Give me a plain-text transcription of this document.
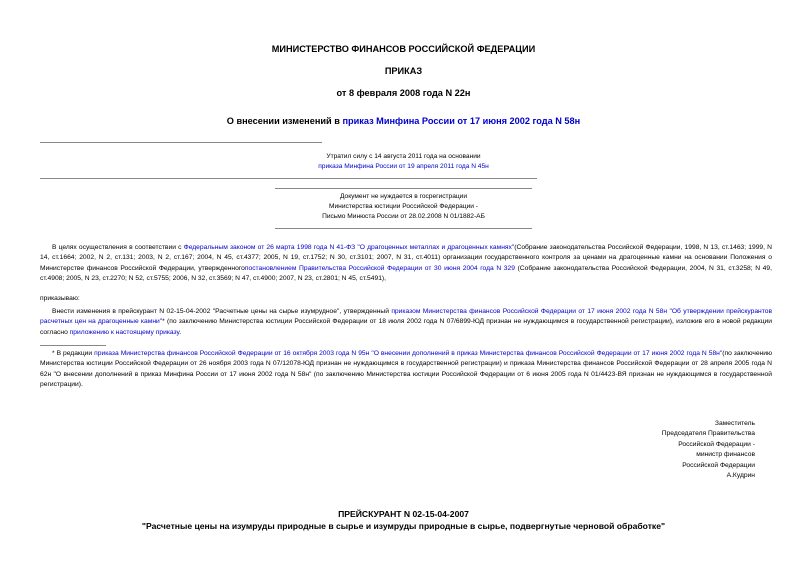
МИНИСТЕРСТВО ФИНАНСОВ РОССИЙСКОЙ ФЕДЕРАЦИИ
ПРИКАЗ
от 8 февраля 2008 года N 22н
О внесении изменений в приказ Минфина России от 17 июня 2002 года N 58н
Утратил силу с 14 августа 2011 года на основании
приказа Минфина России от 19 апреля 2011 года N 45н
Документ не нуждается в госрегистрации
Министерства юстиции Российской Федерации -
Письмо Минюста России от 28.02.2008 N 01/1882-АБ
В целях осуществления в соответствии с Федеральным законом от 26 марта 1998 года N 41-ФЗ "О драгоценных металлах и драгоценных камнях"(Собрание законодательства Российской Федерации, 1998, N 13, ст.1463; 1999, N 14, ст.1664; 2002, N 2, ст.131; 2003, N 2, ст.167; 2004, N 45, ст.4377; 2005, N 19, ст.1752; N 30, ст.3101; 2007, N 31, ст.4011) организации государственного контроля за ценами на драгоценные камни на основании Положения о Министерстве финансов Российской Федерации, утвержденногопостановлением Правительства Российской Федерации от 30 июня 2004 года N 329 (Собрание законодательства Российской Федерации, 2004, N 31, ст.3258; N 49, ст.4908; 2005, N 23, ст.2270; N 52, ст.5755; 2006, N 32, ст.3569; N 47, ст.4900; 2007, N 23, ст.2801; N 45, ст.5491),
приказываю:
Внести изменения в прейскурант N 02-15-04-2002 "Расчетные цены на сырье изумрудное", утвержденный приказом Министерства финансов Российской Федерации от 17 июня 2002 года N 58н "Об утверждении прейскурантов расчетных цен на драгоценные камни"* (по заключению Министерства юстиции Российской Федерации от 18 июля 2002 года N 07/6899-ЮД признан не нуждающимся в государственной регистрации), изложив его в новой редакции согласно приложению к настоящему приказу.
* В редакции приказа Министерства финансов Российской Федерации от 16 октября 2003 года N 95н "О внесении дополнений в приказ Министерства финансов Российской Федерации от 17 июня 2002 года N 58н"(по заключению Министерства юстиции Российской Федерации от 26 ноября 2003 года N 07/12078-ЮД признан не нуждающимся в государственной регистрации) и приказа Министерства финансов Российской Федерации от 28 апреля 2005 года N 62н "О внесении дополнений в приказ Минфина России от 17 июня 2002 года N 58н" (по заключению Министерства юстиции Российской Федерации от 6 июня 2005 года N 01/4423-ВЯ признан не нуждающимся в государственной регистрации).
Заместитель
Председателя Правительства
Российской Федерации -
министр финансов
Российской Федерации
А.Кудрин
ПРЕЙСКУРАНТ N 02-15-04-2007
"Расчетные цены на изумруды природные в сырье и изумруды природные в сырье, подвергнутые черновой обработке"
